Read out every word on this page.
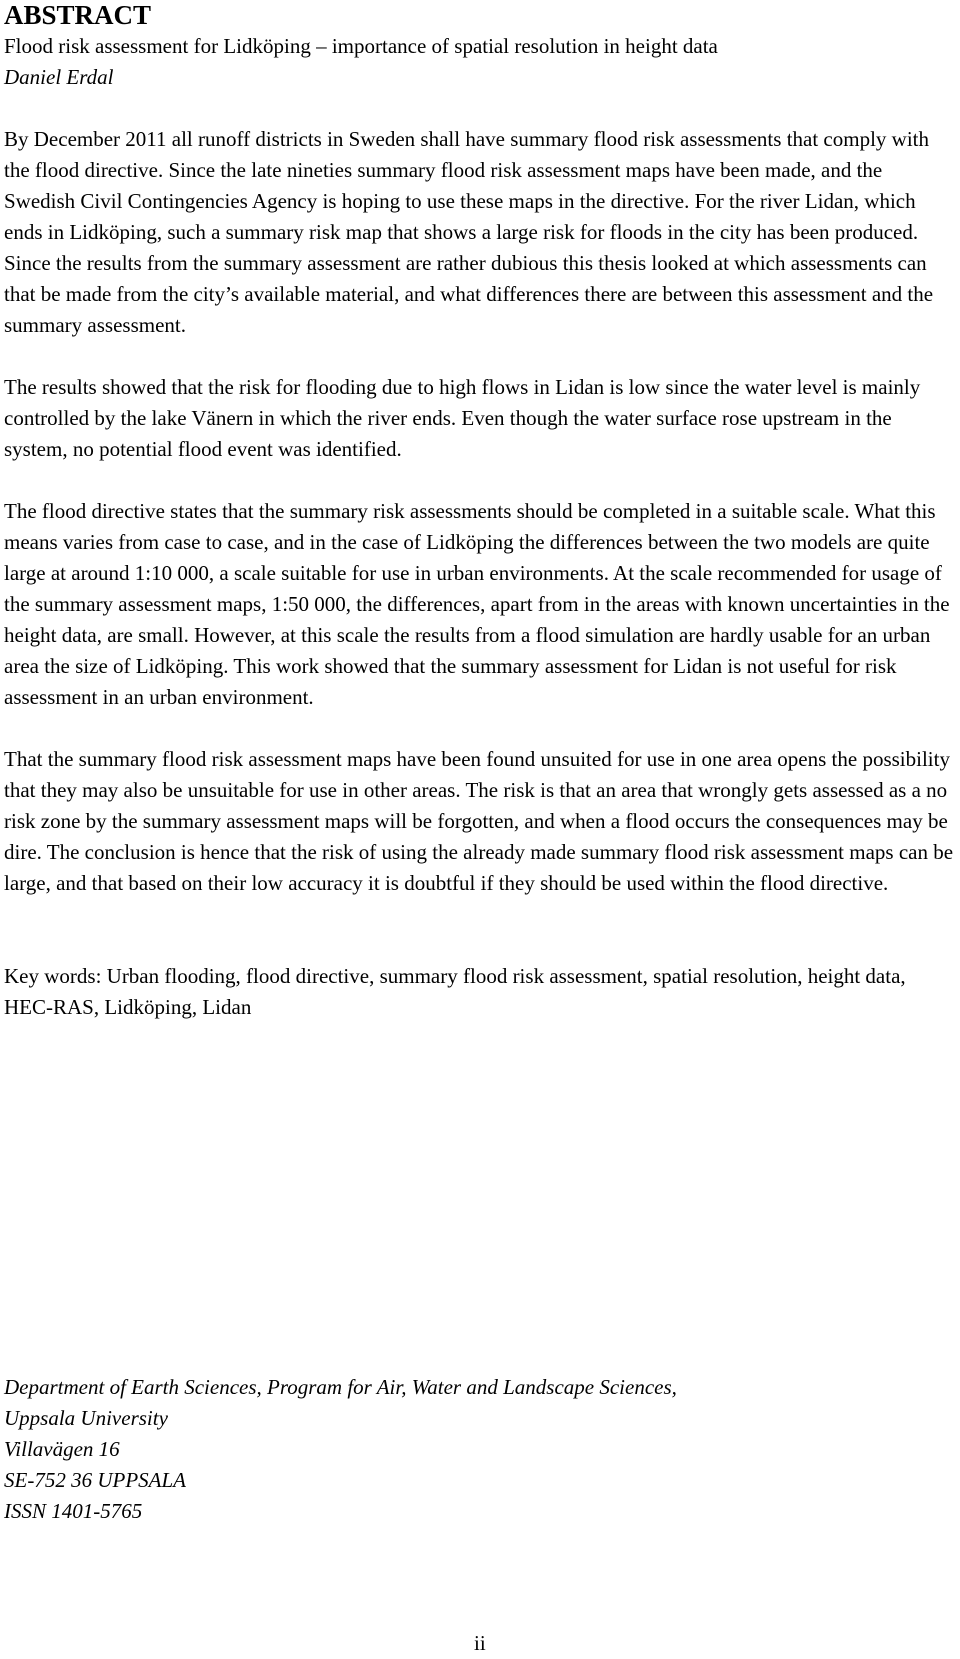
ABSTRACT
Flood risk assessment for Lidköping – importance of spatial resolution in height data
Daniel Erdal

By December 2011 all runoff districts in Sweden shall have summary flood risk assessments that comply with the flood directive. Since the late nineties summary flood risk assessment maps have been made, and the Swedish Civil Contingencies Agency is hoping to use these maps in the directive. For the river Lidan, which ends in Lidköping, such a summary risk map that shows a large risk for floods in the city has been produced. Since the results from the summary assessment are rather dubious this thesis looked at which assessments can that be made from the city’s available material, and what differences there are between this assessment and the summary assessment.

The results showed that the risk for flooding due to high flows in Lidan is low since the water level is mainly controlled by the lake Vänern in which the river ends. Even though the water surface rose upstream in the system, no potential flood event was identified.

The flood directive states that the summary risk assessments should be completed in a suitable scale. What this means varies from case to case, and in the case of Lidköping the differences between the two models are quite large at around 1:10 000, a scale suitable for use in urban environments. At the scale recommended for usage of the summary assessment maps, 1:50 000, the differences, apart from in the areas with known uncertainties in the height data, are small. However, at this scale the results from a flood simulation are hardly usable for an urban area the size of Lidköping. This work showed that the summary assessment for Lidan is not useful for risk assessment in an urban environment.

That the summary flood risk assessment maps have been found unsuited for use in one area opens the possibility that they may also be unsuitable for use in other areas. The risk is that an area that wrongly gets assessed as a no risk zone by the summary assessment maps will be forgotten, and when a flood occurs the consequences may be dire. The conclusion is hence that the risk of using the already made summary flood risk assessment maps can be large, and that based on their low accuracy it is doubtful if they should be used within the flood directive.

Key words: Urban flooding, flood directive, summary flood risk assessment, spatial resolution, height data, HEC-RAS, Lidköping, Lidan

Department of Earth Sciences, Program for Air, Water and Landscape Sciences,
Uppsala University
Villavägen 16
SE-752 36 UPPSALA
ISSN 1401-5765
ii
